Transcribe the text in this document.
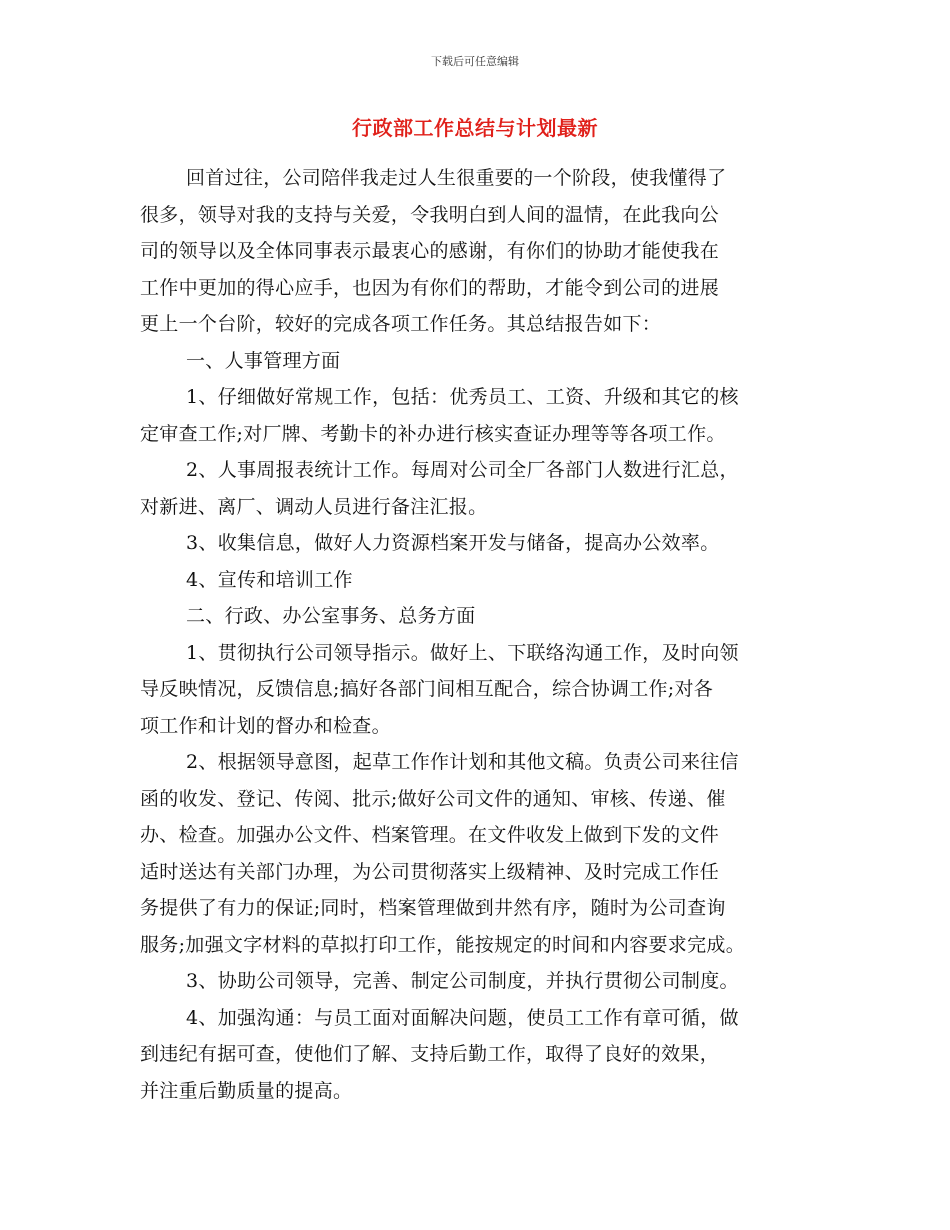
下载后可任意编辑
行政部工作总结与计划最新
回首过往，公司陪伴我走过人生很重要的一个阶段，使我懂得了
很多，领导对我的支持与关爱，令我明白到人间的温情，在此我向公
司的领导以及全体同事表示最衷心的感谢，有你们的协助才能使我在
工作中更加的得心应手，也因为有你们的帮助，才能令到公司的进展
更上一个台阶，较好的完成各项工作任务。其总结报告如下：
一、人事管理方面
1、仔细做好常规工作，包括：优秀员工、工资、升级和其它的核
定审查工作;对厂牌、考勤卡的补办进行核实查证办理等等各项工作。
2、人事周报表统计工作。每周对公司全厂各部门人数进行汇总，
对新进、离厂、调动人员进行备注汇报。
3、收集信息，做好人力资源档案开发与储备，提高办公效率。
4、宣传和培训工作
二、行政、办公室事务、总务方面
1、贯彻执行公司领导指示。做好上、下联络沟通工作，及时向领
导反映情况，反馈信息;搞好各部门间相互配合，综合协调工作;对各
项工作和计划的督办和检查。
2、根据领导意图，起草工作作计划和其他文稿。负责公司来往信
函的收发、登记、传阅、批示;做好公司文件的通知、审核、传递、催
办、检查。加强办公文件、档案管理。在文件收发上做到下发的文件
适时送达有关部门办理，为公司贯彻落实上级精神、及时完成工作任
务提供了有力的保证;同时，档案管理做到井然有序，随时为公司查询
服务;加强文字材料的草拟打印工作，能按规定的时间和内容要求完成。
3、协助公司领导，完善、制定公司制度，并执行贯彻公司制度。
4、加强沟通：与员工面对面解决问题，使员工工作有章可循，做
到违纪有据可查，使他们了解、支持后勤工作，取得了良好的效果，
并注重后勤质量的提高。
